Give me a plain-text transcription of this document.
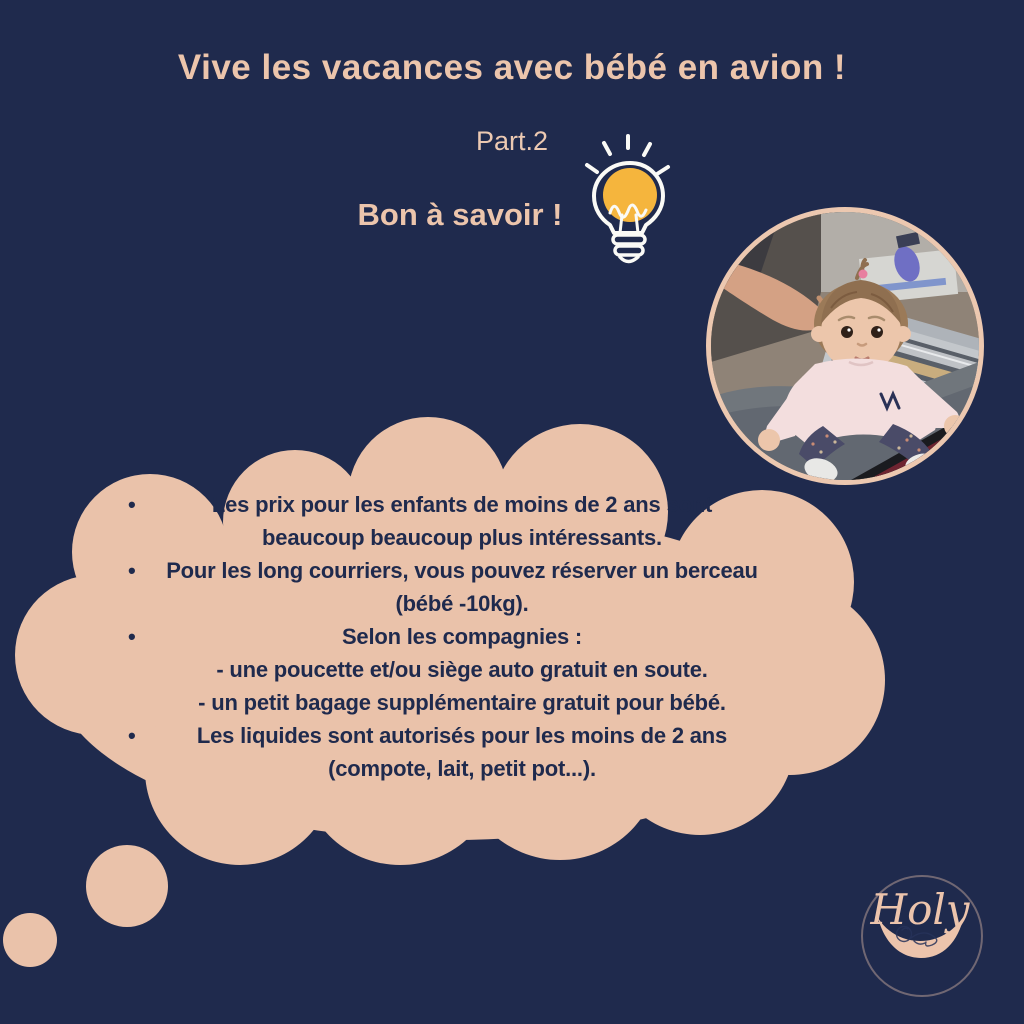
Vive les vacances avec bébé en avion !
Part.2
Bon à savoir !
•	Les prix pour les enfants de moins de 2 ans sont
beaucoup beaucoup plus intéressants.
• Pour les long courriers, vous pouvez réserver un berceau
(bébé -10kg).
•	Selon les compagnies :
- une poucette et/ou siège auto gratuit en soute.
- un petit bagage supplémentaire gratuit pour bébé.
•	Les liquides sont autorisés pour les moins de 2 ans
(compote, lait, petit pot...).
Holy
